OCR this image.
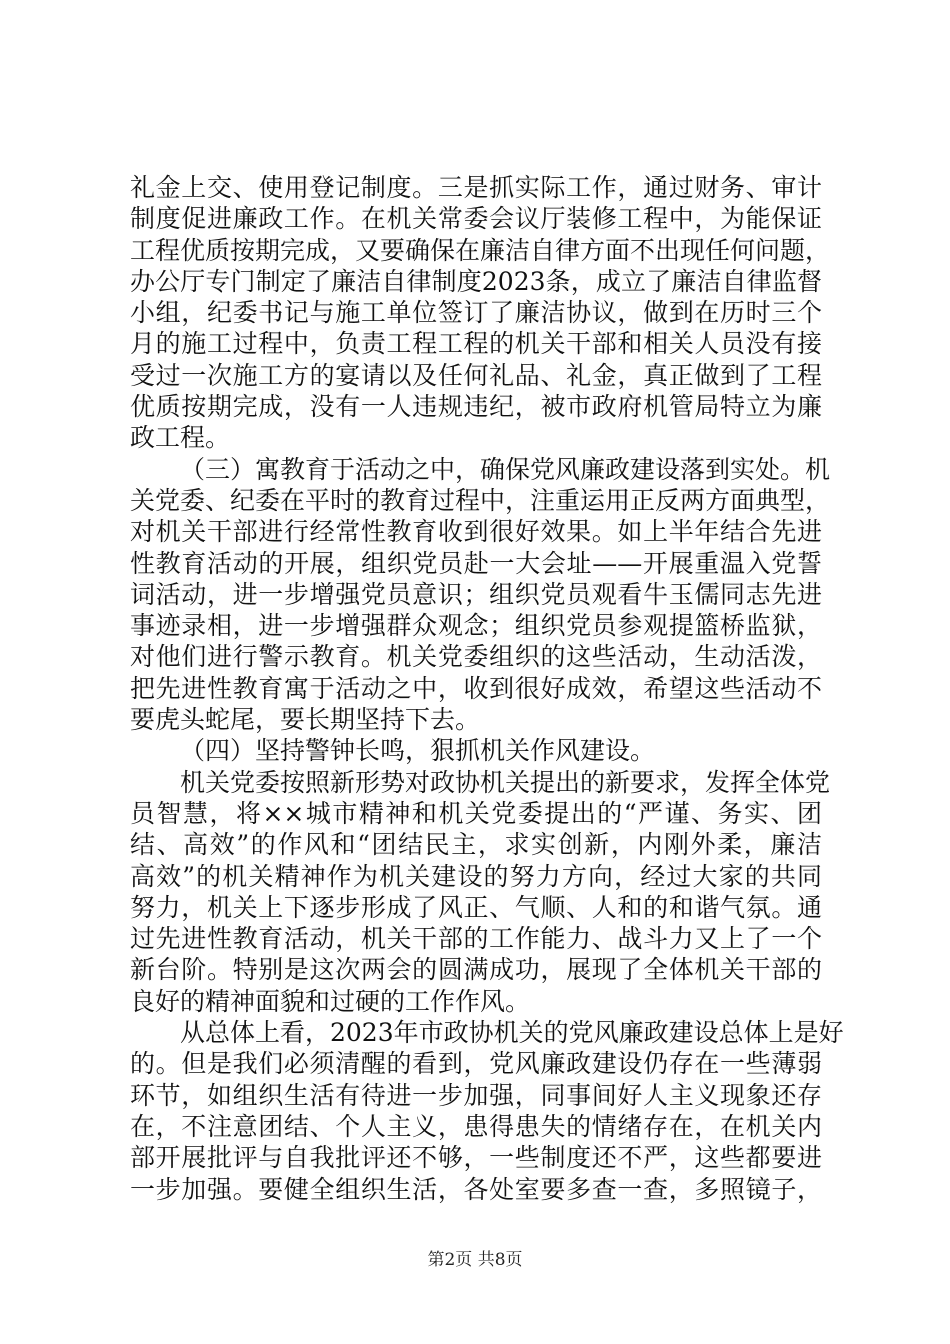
礼金上交、使用登记制度。三是抓实际工作，通过财务、审计
制度促进廉政工作。在机关常委会议厅装修工程中，为能保证
工程优质按期完成，又要确保在廉洁自律方面不出现任何问题，
办公厅专门制定了廉洁自律制度2023条，成立了廉洁自律监督
小组，纪委书记与施工单位签订了廉洁协议，做到在历时三个
月的施工过程中，负责工程工程的机关干部和相关人员没有接
受过一次施工方的宴请以及任何礼品、礼金，真正做到了工程
优质按期完成，没有一人违规违纪，被市政府机管局特立为廉
政工程。
（三）寓教育于活动之中，确保党风廉政建设落到实处。机
关党委、纪委在平时的教育过程中，注重运用正反两方面典型，
对机关干部进行经常性教育收到很好效果。如上半年结合先进
性教育活动的开展，组织党员赴一大会址——开展重温入党誓
词活动，进一步增强党员意识；组织党员观看牛玉儒同志先进
事迹录相，进一步增强群众观念；组织党员参观提篮桥监狱，
对他们进行警示教育。机关党委组织的这些活动，生动活泼，
把先进性教育寓于活动之中，收到很好成效，希望这些活动不
要虎头蛇尾，要长期坚持下去。
（四）坚持警钟长鸣，狠抓机关作风建设。
机关党委按照新形势对政协机关提出的新要求，发挥全体党
员智慧，将××城市精神和机关党委提出的“严谨、务实、团
结、高效”的作风和“团结民主，求实创新，内刚外柔，廉洁
高效”的机关精神作为机关建设的努力方向，经过大家的共同
努力，机关上下逐步形成了风正、气顺、人和的和谐气氛。通
过先进性教育活动，机关干部的工作能力、战斗力又上了一个
新台阶。特别是这次两会的圆满成功，展现了全体机关干部的
良好的精神面貌和过硬的工作作风。
从总体上看，2023年市政协机关的党风廉政建设总体上是好
的。但是我们必须清醒的看到，党风廉政建设仍存在一些薄弱
环节，如组织生活有待进一步加强，同事间好人主义现象还存
在，不注意团结、个人主义，患得患失的情绪存在，在机关内
部开展批评与自我批评还不够，一些制度还不严，这些都要进
一步加强。要健全组织生活，各处室要多查一查，多照镜子，
第2页 共8页
